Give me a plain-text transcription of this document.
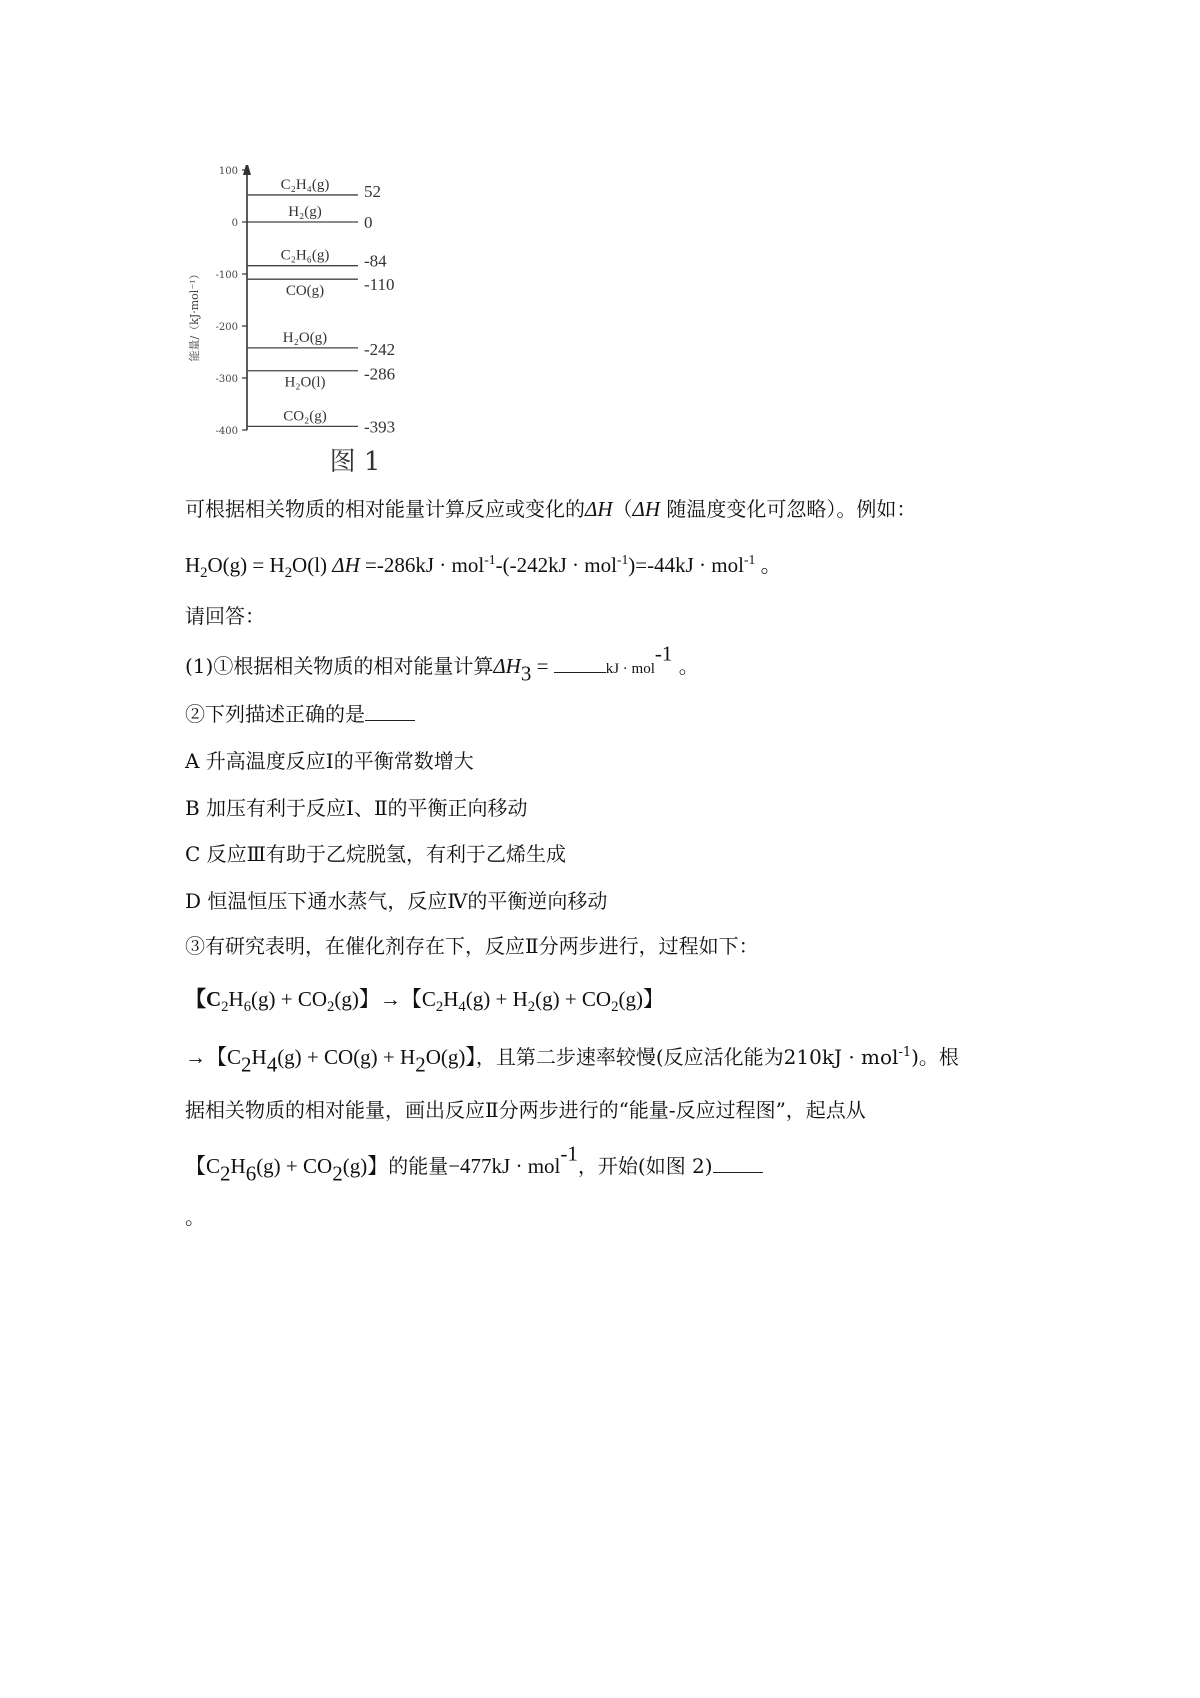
能量/（kJ·mol⁻¹）
100
0
-100
-200
-300
-400
C₂H₄(g) 52
H₂(g)
0
C₂H₆(g) -84
CO(g) -110
H₂O(g)
-242
H₂O(l) -286
CO₂(g)
-393
图 1
可根据相关物质的相对能量计算反应或变化的ΔH（ΔH 随温度变化可忽略）。例如：
$H_2O(g) = H_2O(l)$ ΔH =-286kJ · mol$^{-1}$-(-242kJ · mol$^{-1}$)=-44kJ · mol$^{-1}$ 。
请回答：
(1)①根据相关物质的相对能量计算$\Delta H_3$ =	kJ · mol$^{-1}$ 。
②下列描述正确的是
A 升高温度反应Ⅰ的平衡常数增大
B 加压有利于反应Ⅰ、Ⅱ的平衡正向移动
C 反应Ⅲ有助于乙烷脱氢，有利于乙烯生成
D 恒温恒压下通水蒸气，反应Ⅳ的平衡逆向移动
③有研究表明，在催化剂存在下，反应Ⅱ分两步进行，过程如下：
【$C_2H_6(g) + CO_2(g)$】→【$C_2H_4(g) + H_2(g) + CO_2(g)$】
→【$C_2H_4(g) + CO(g) + H_2O(g)$】，且第二步速率较慢(反应活化能为210kJ · mol$^{-1}$)。根
据相关物质的相对能量，画出反应Ⅱ分两步进行的“能量-反应过程图”，起点从
【$C_2H_6(g) + CO_2(g)$】的能量−477kJ · mol$^{-1}$，开始(如图 2)
。
